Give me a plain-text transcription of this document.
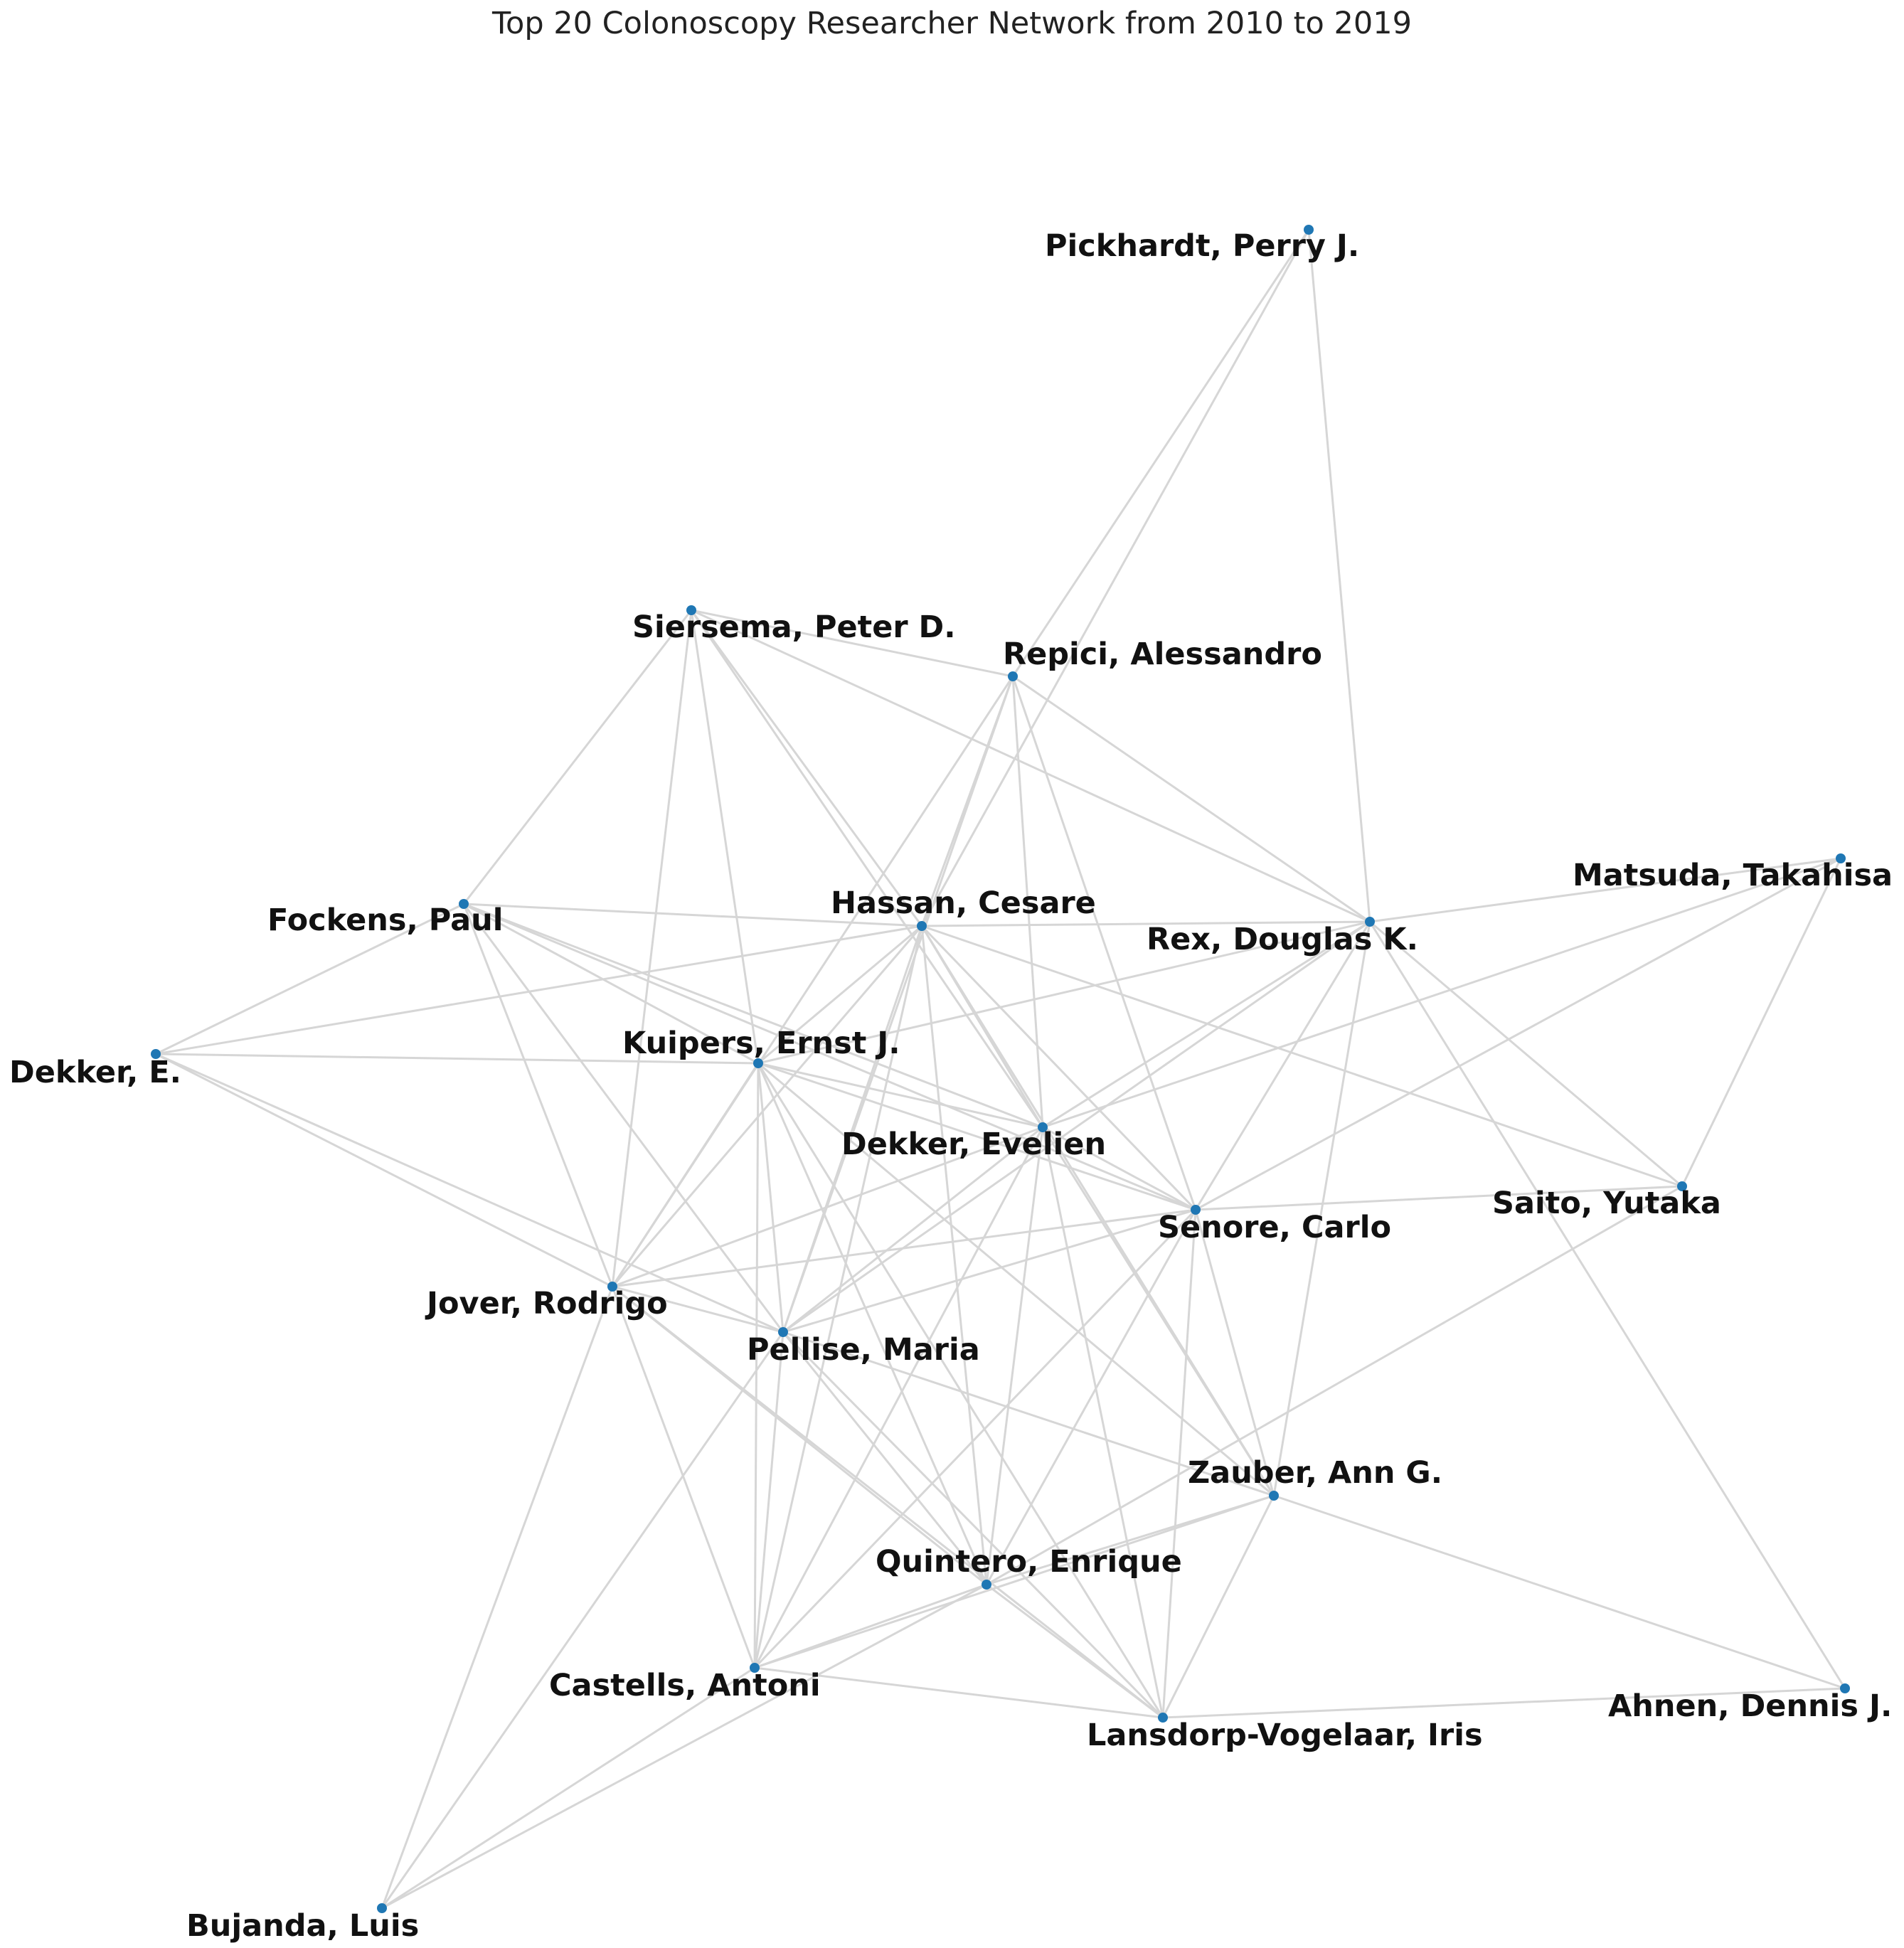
Top 20 Colonoscopy Researcher Network from 2010 to 2019
Pickhardt, Perry J.
Siersema, Peter D.
Repici, Alessandro
Hassan, Cesare
Fockens, Paul
Matsuda, Takahisa
Rex, Douglas K.
Dekker, E.
Kuipers, Ernst J.
Dekker, Evelien
Saito, Yutaka
Senore, Carlo
Jover, Rodrigo
Pellise, Maria
Zauber, Ann G.
Quintero, Enrique
Castells, Antoni
Lansdorp-Vogelaar, Iris
Ahnen, Dennis J.
Bujanda, Luis
